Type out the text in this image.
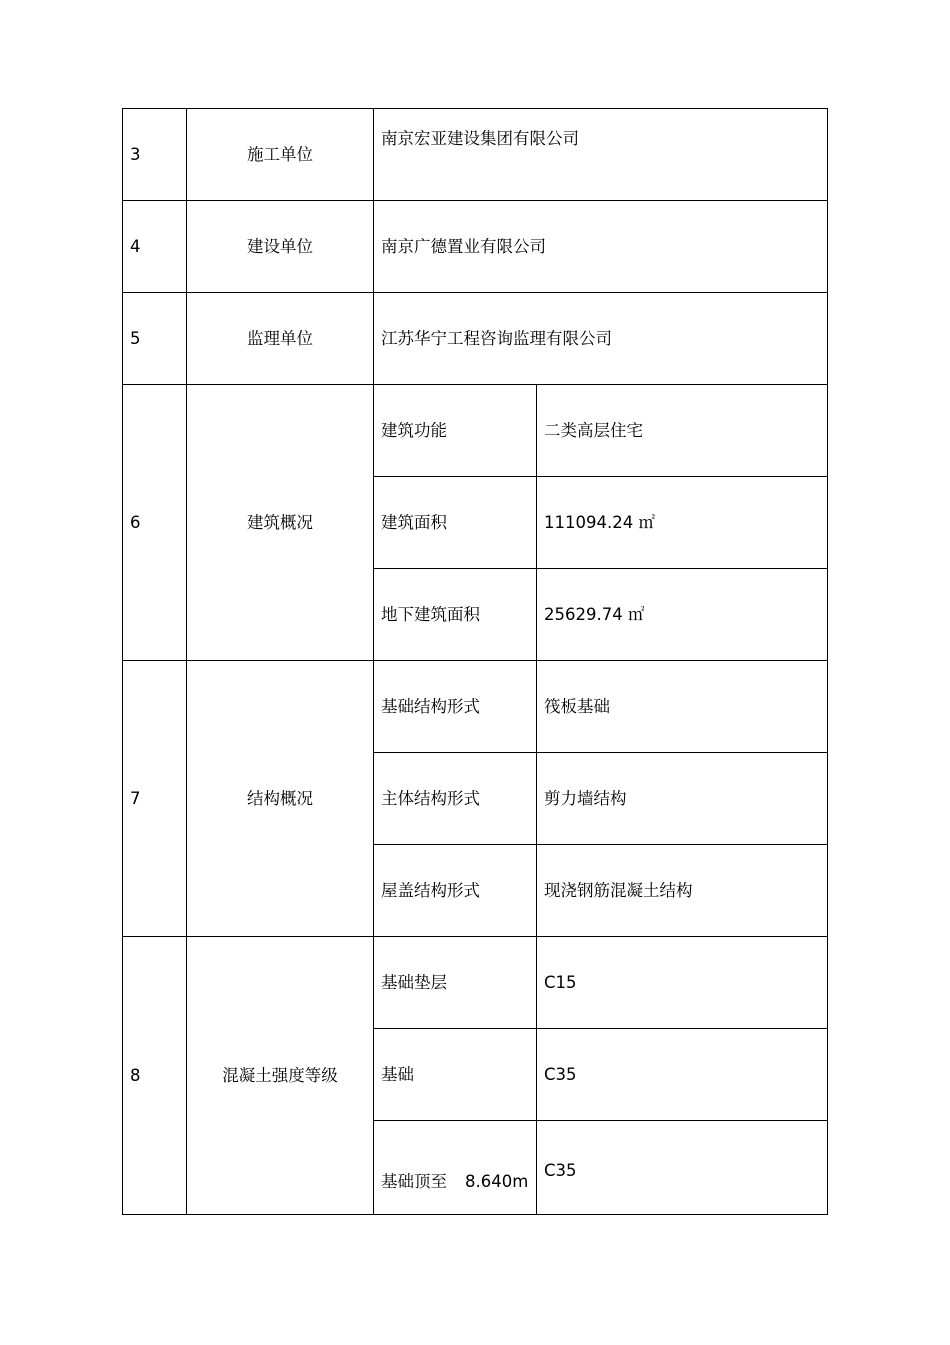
3	施工单位	南京宏亚建设集团有限公司	
4	建设单位	南京广德置业有限公司	
5	监理单位	江苏华宁工程咨询监理有限公司	
6	建筑概况	建筑功能	二类高层住宅
		建筑面积	111094.24 ㎡
		地下建筑面积	25629.74 ㎡
7	结构概况	基础结构形式	筏板基础
		主体结构形式	剪力墙结构
		屋盖结构形式	现浇钢筋混凝土结构
8	混凝土强度等级	基础垫层	C15
		基础	C35
		基础顶至 8.640m	C35
